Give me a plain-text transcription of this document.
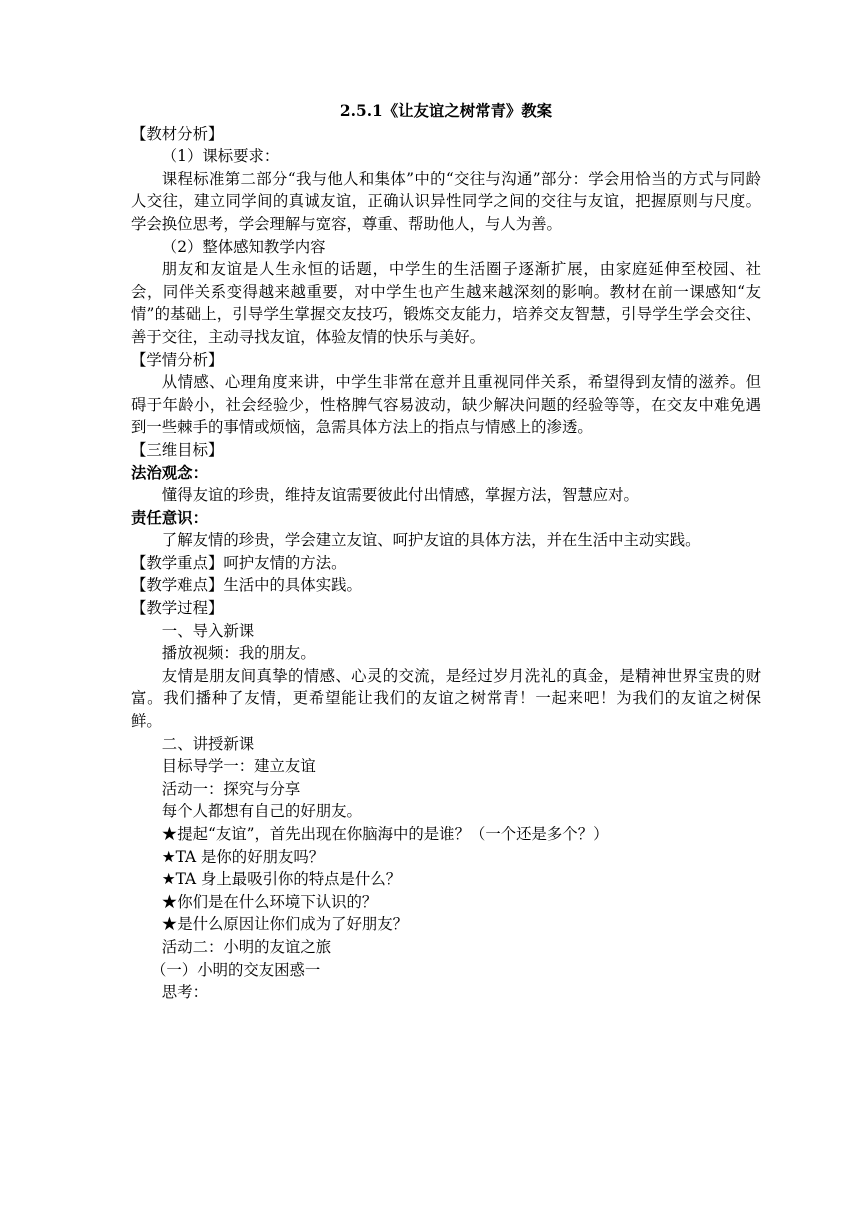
2.5.1《让友谊之树常青》教案
【教材分析】
（1）课标要求：
课程标准第二部分“我与他人和集体”中的“交往与沟通”部分：学会用恰当的方式与同龄人交往，建立同学间的真诚友谊，正确认识异性同学之间的交往与友谊，把握原则与尺度。学会换位思考，学会理解与宽容，尊重、帮助他人，与人为善。
（2）整体感知教学内容
朋友和友谊是人生永恒的话题，中学生的生活圈子逐渐扩展，由家庭延伸至校园、社会，同伴关系变得越来越重要，对中学生也产生越来越深刻的影响。教材在前一课感知“友情”的基础上，引导学生掌握交友技巧，锻炼交友能力，培养交友智慧，引导学生学会交往、善于交往，主动寻找友谊，体验友情的快乐与美好。
【学情分析】
从情感、心理角度来讲，中学生非常在意并且重视同伴关系，希望得到友情的滋养。但碍于年龄小，社会经验少，性格脾气容易波动，缺少解决问题的经验等等，在交友中难免遇到一些棘手的事情或烦恼，急需具体方法上的指点与情感上的渗透。
【三维目标】
法治观念：
懂得友谊的珍贵，维持友谊需要彼此付出情感，掌握方法，智慧应对。
责任意识：
了解友情的珍贵，学会建立友谊、呵护友谊的具体方法，并在生活中主动实践。
【教学重点】呵护友情的方法。
【教学难点】生活中的具体实践。
【教学过程】
一、导入新课
播放视频：我的朋友。
友情是朋友间真挚的情感、心灵的交流，是经过岁月洗礼的真金，是精神世界宝贵的财富。我们播种了友情，更希望能让我们的友谊之树常青！一起来吧！为我们的友谊之树保鲜。
二、讲授新课
目标导学一：建立友谊
活动一：探究与分享
每个人都想有自己的好朋友。
★提起“友谊”，首先出现在你脑海中的是谁？（一个还是多个？）
★TA 是你的好朋友吗？
★TA 身上最吸引你的特点是什么？
★你们是在什么环境下认识的？
★是什么原因让你们成为了好朋友？
活动二：小明的友谊之旅
（一）小明的交友困惑一
思考：
